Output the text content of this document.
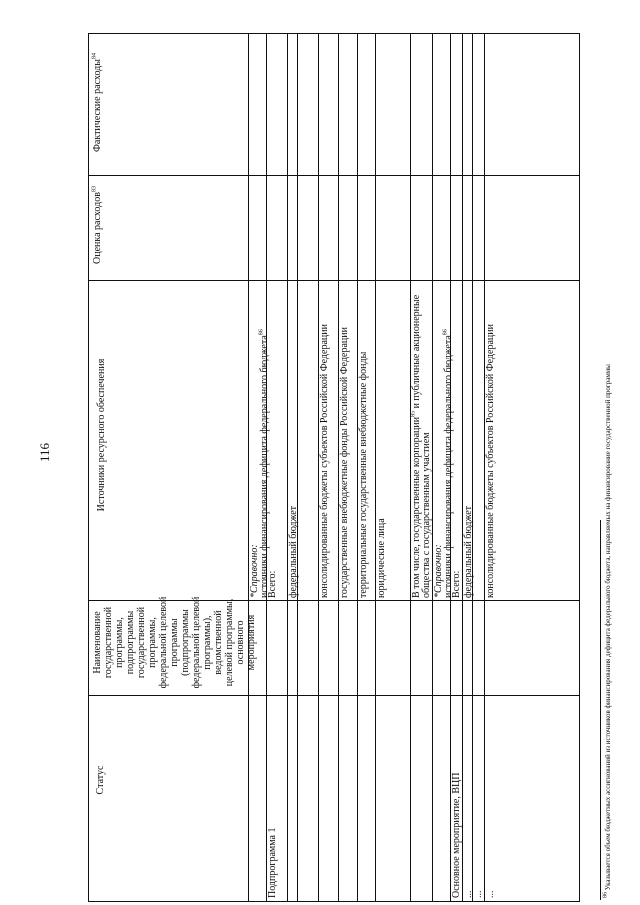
116
Статус
Наименование государственной программы, подпрограммы государственной программы, федеральной целевой программы (подпрограммы федеральной целевой программы), ведомственной целевой программы, основного мероприятия
Источники ресурсного обеспечения
Оценка расходов$^{83}$
Фактические расходы$^{84}$
*Справочно:
источники финансирования дефицита федерального бюджета$^{86}$
Подпрограмма 1
Всего: федеральный бюджет консолидированные бюджеты субъектов Российской Федерации государственные внебюджетные фонды Российской Федерации территориальные государственные внебюджетные фонды юридические лица В том числе, государственные корпорации$^{85}$ и публичные акционерные общества с государственным участием *Справочно:
источники финансирования дефицита федерального бюджета$^{86}$
Основное мероприятие, ВЦП
Всего:
...
федеральный бюджет
... ...
консолидированные бюджеты субъектов Российской Федерации
$^{86}$ Указывается объем бюджетных ассигнований из источников финансирования дефицита федерального бюджета, направляемых на финансирование государственной программы
